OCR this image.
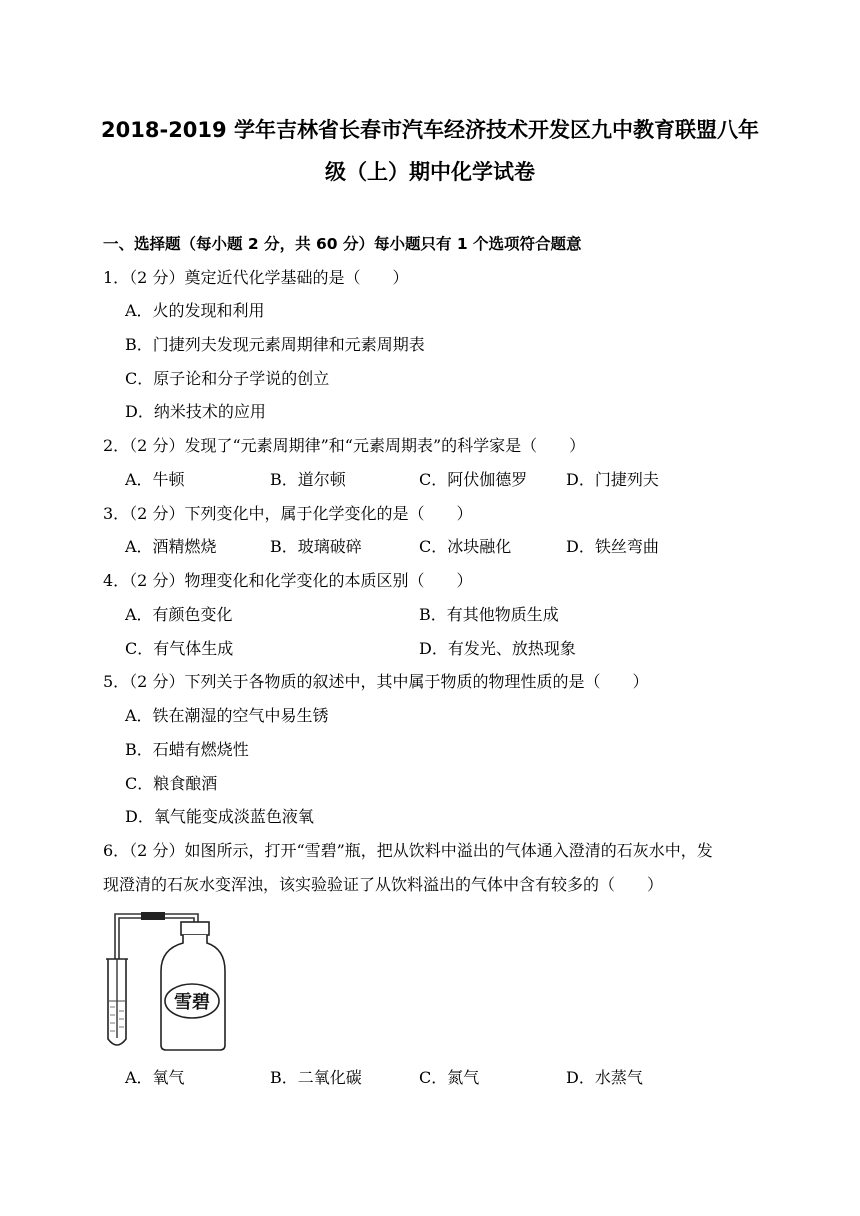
2018-2019 学年吉林省长春市汽车经济技术开发区九中教育联盟八年
级（上）期中化学试卷
一、选择题（每小题 2 分，共 60 分）每小题只有 1 个选项符合题意
1．（2 分）奠定近代化学基础的是（　　）
A．火的发现和利用
B．门捷列夫发现元素周期律和元素周期表
C．原子论和分子学说的创立
D．纳米技术的应用
2．（2 分）发现了“元素周期律”和“元素周期表”的科学家是（　　）
A．牛顿	B．道尔顿	C．阿伏伽德罗 D．门捷列夫
3．（2 分）下列变化中，属于化学变化的是（　　）
A．酒精燃烧	B．玻璃破碎	C．冰块融化	D．铁丝弯曲
4．（2 分）物理变化和化学变化的本质区别（　　）
A．有颜色变化	B．有其他物质生成
C．有气体生成	D．有发光、放热现象
5．（2 分）下列关于各物质的叙述中，其中属于物质的物理性质的是（　　）
A．铁在潮湿的空气中易生锈
B．石蜡有燃烧性
C．粮食酿酒
D．氧气能变成淡蓝色液氧
6．（2 分）如图所示，打开“雪碧”瓶，把从饮料中溢出的气体通入澄清的石灰水中，发
现澄清的石灰水变浑浊，该实验验证了从饮料溢出的气体中含有较多的（　　）
雪碧
A．氧气	B．二氧化碳	C．氮气	D．水蒸气
